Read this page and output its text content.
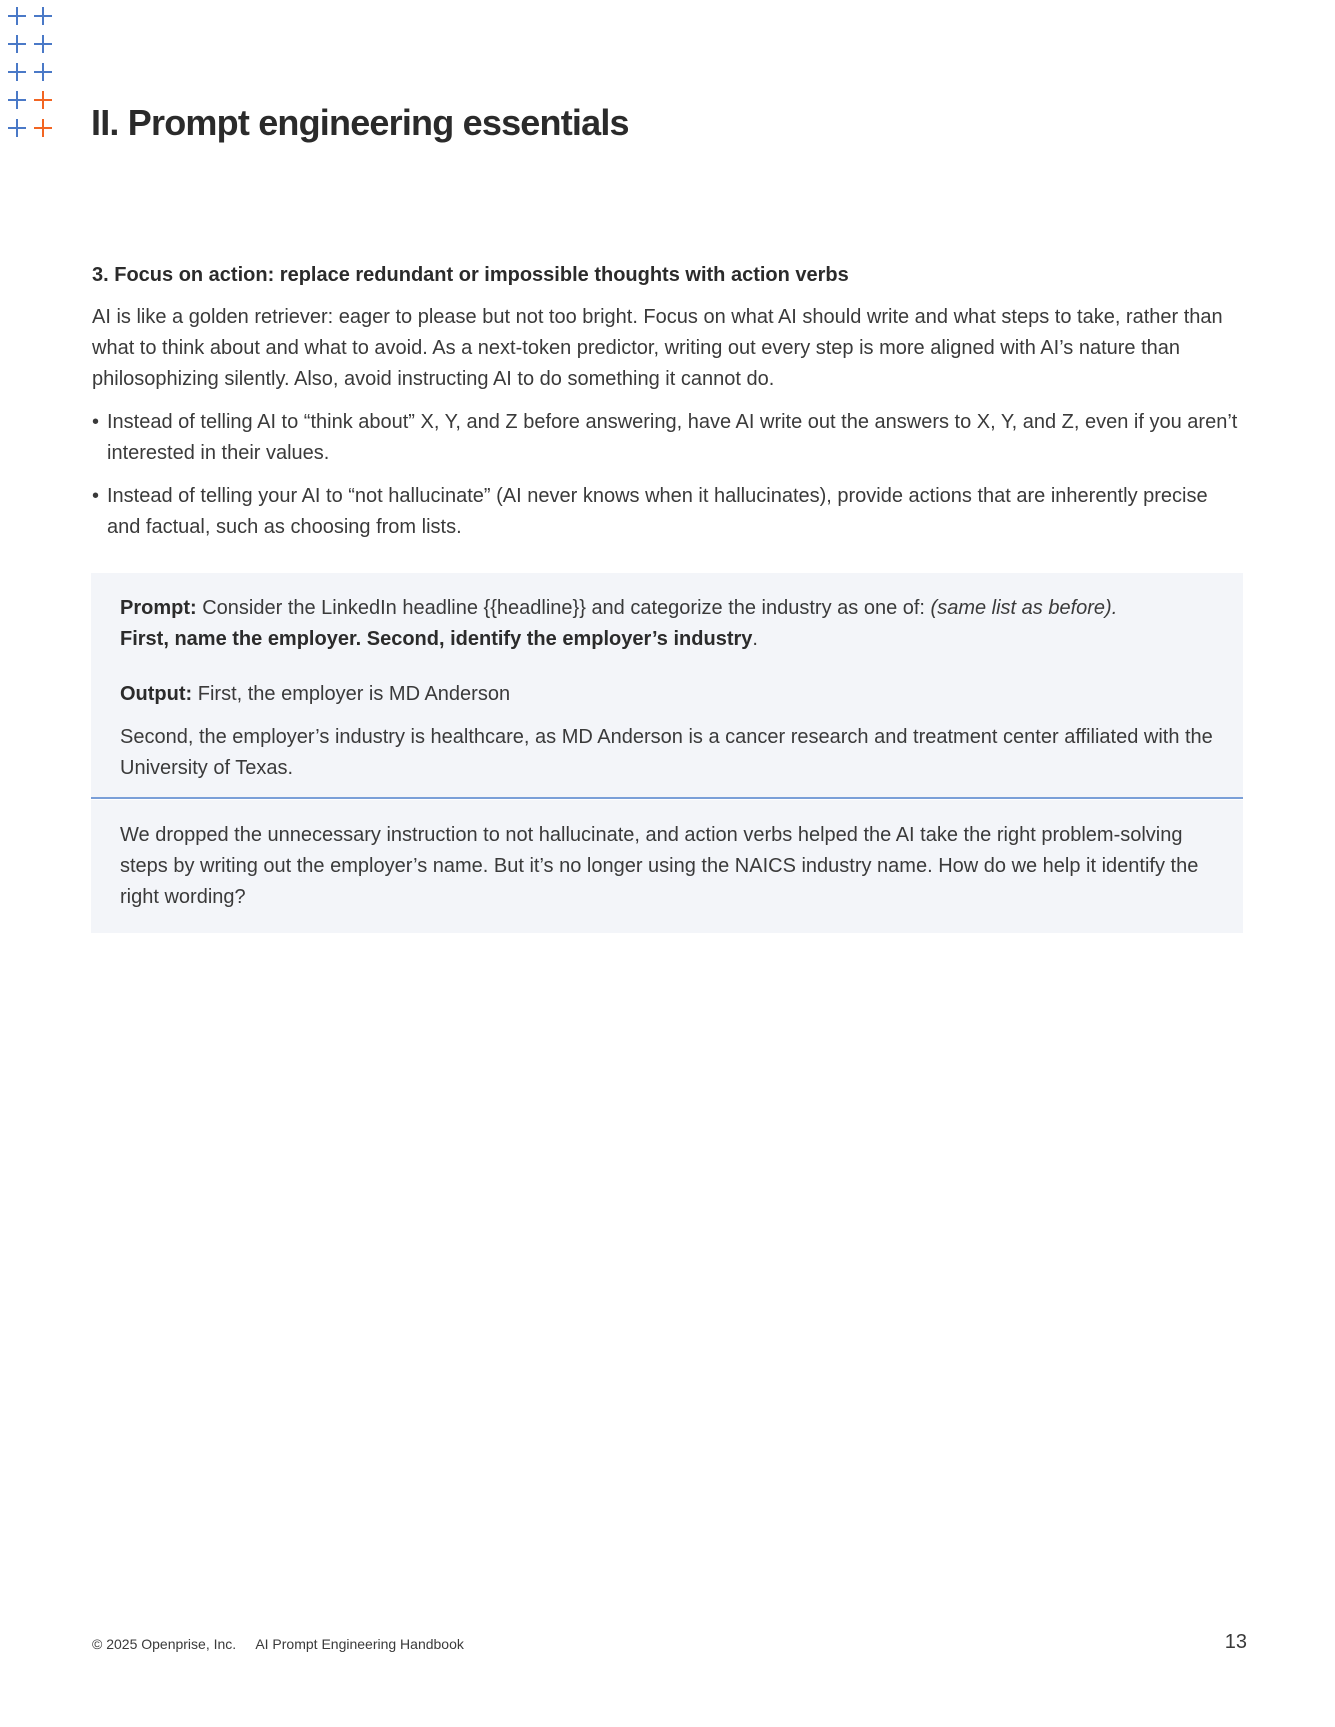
II. Prompt engineering essentials
3. Focus on action: replace redundant or impossible thoughts with action verbs

AI is like a golden retriever: eager to please but not too bright. Focus on what AI should write and what steps to take, rather than what to think about and what to avoid. As a next-token predictor, writing out every step is more aligned with AI’s nature than philosophizing silently. Also, avoid instructing AI to do something it cannot do.

• Instead of telling AI to “think about” X, Y, and Z before answering, have AI write out the answers to X, Y, and Z, even if you aren’t interested in their values.
• Instead of telling your AI to “not hallucinate” (AI never knows when it hallucinates), provide actions that are inherently precise and factual, such as choosing from lists.

Prompt: Consider the LinkedIn headline {{headline}} and categorize the industry as one of: (same list as before).
First, name the employer. Second, identify the employer’s industry.

Output: First, the employer is MD Anderson

Second, the employer’s industry is healthcare, as MD Anderson is a cancer research and treatment center affiliated with the University of Texas.

We dropped the unnecessary instruction to not hallucinate, and action verbs helped the AI take the right problem-solving steps by writing out the employer’s name. But it’s no longer using the NAICS industry name. How do we help it identify the right wording?

© 2025 Openprise, Inc. AI Prompt Engineering Handbook	13
